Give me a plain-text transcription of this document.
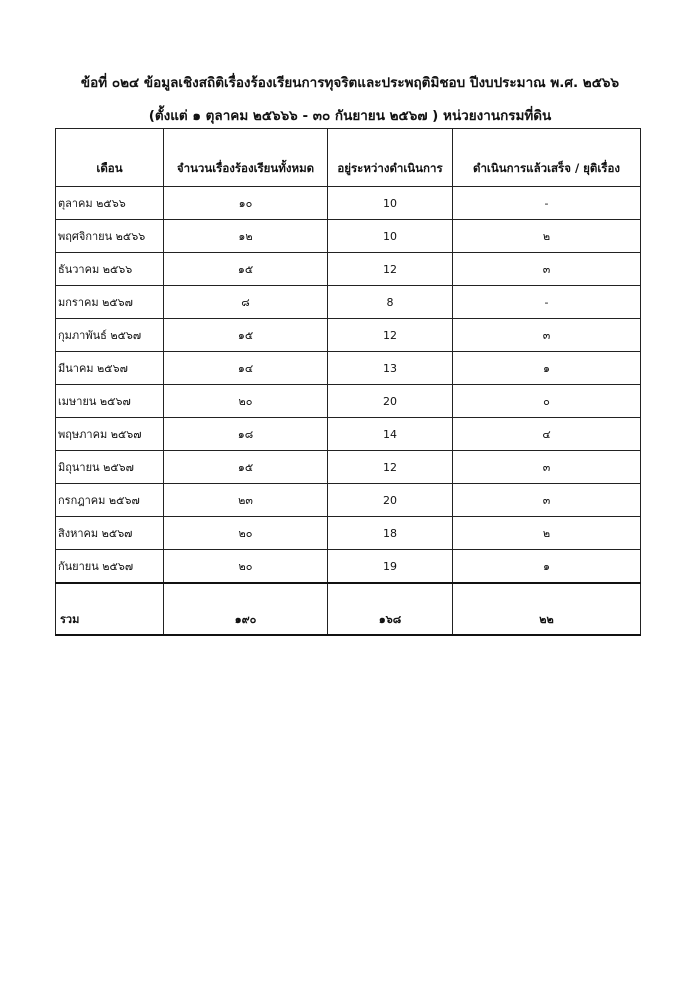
ข้อที่ ๐๒๔ ข้อมูลเชิงสถิติเรื่องร้องเรียนการทุจริตและประพฤติมิชอบ ปีงบประมาณ พ.ศ. ๒๕๖๖
(ตั้งแต่ ๑ ตุลาคม ๒๕๖๖๖ - ๓๐ กันยายน ๒๕๖๗ ) หน่วยงานกรมที่ดิน
เดือน	จำนวนเรื่องร้องเรียนทั้งหมด	อยู่ระหว่างดำเนินการ	ดำเนินการแล้วเสร็จ / ยุติเรื่อง
ตุลาคม ๒๕๖๖	๑๐	10	-
พฤศจิกายน ๒๕๖๖	๑๒	10	๒
ธันวาคม ๒๕๖๖	๑๕	12	๓
มกราคม ๒๕๖๗	๘	8	-
กุมภาพันธ์ ๒๕๖๗	๑๕	12	๓
มีนาคม ๒๕๖๗	๑๔	13	๑
เมษายน ๒๕๖๗	๒๐	20	๐
พฤษภาคม ๒๕๖๗	๑๘	14	๔
มิถุนายน ๒๕๖๗	๑๕	12	๓
กรกฎาคม ๒๕๖๗	๒๓	20	๓
สิงหาคม ๒๕๖๗	๒๐	18	๒
กันยายน ๒๕๖๗	๒๐	19	๑
รวม	๑๙๐	๑๖๘	๒๒
